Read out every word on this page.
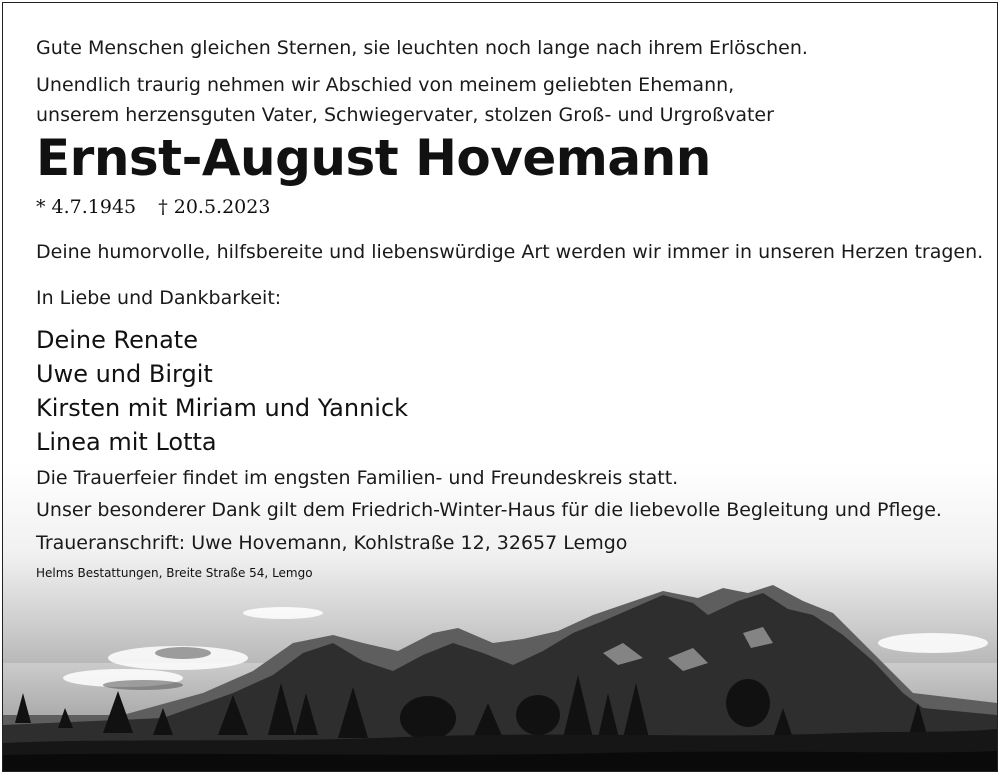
Gute Menschen gleichen Sternen, sie leuchten noch lange nach ihrem Erlöschen.
Unendlich traurig nehmen wir Abschied von meinem geliebten Ehemann,
unserem herzensguten Vater, Schwiegervater, stolzen Groß- und Urgroßvater
Ernst-August Hovemann
* 4.7.1945 † 20.5.2023
Deine humorvolle, hilfsbereite und liebenswürdige Art werden wir immer in unseren Herzen tragen.
In Liebe und Dankbarkeit:
Deine Renate
Uwe und Birgit
Kirsten mit Miriam und Yannick
Linea mit Lotta
Die Trauerfeier findet im engsten Familien- und Freundeskreis statt.
Unser besonderer Dank gilt dem Friedrich-Winter-Haus für die liebevolle Begleitung und Pflege.
Traueranschrift: Uwe Hovemann, Kohlstraße 12, 32657 Lemgo
Helms Bestattungen, Breite Straße 54, Lemgo
